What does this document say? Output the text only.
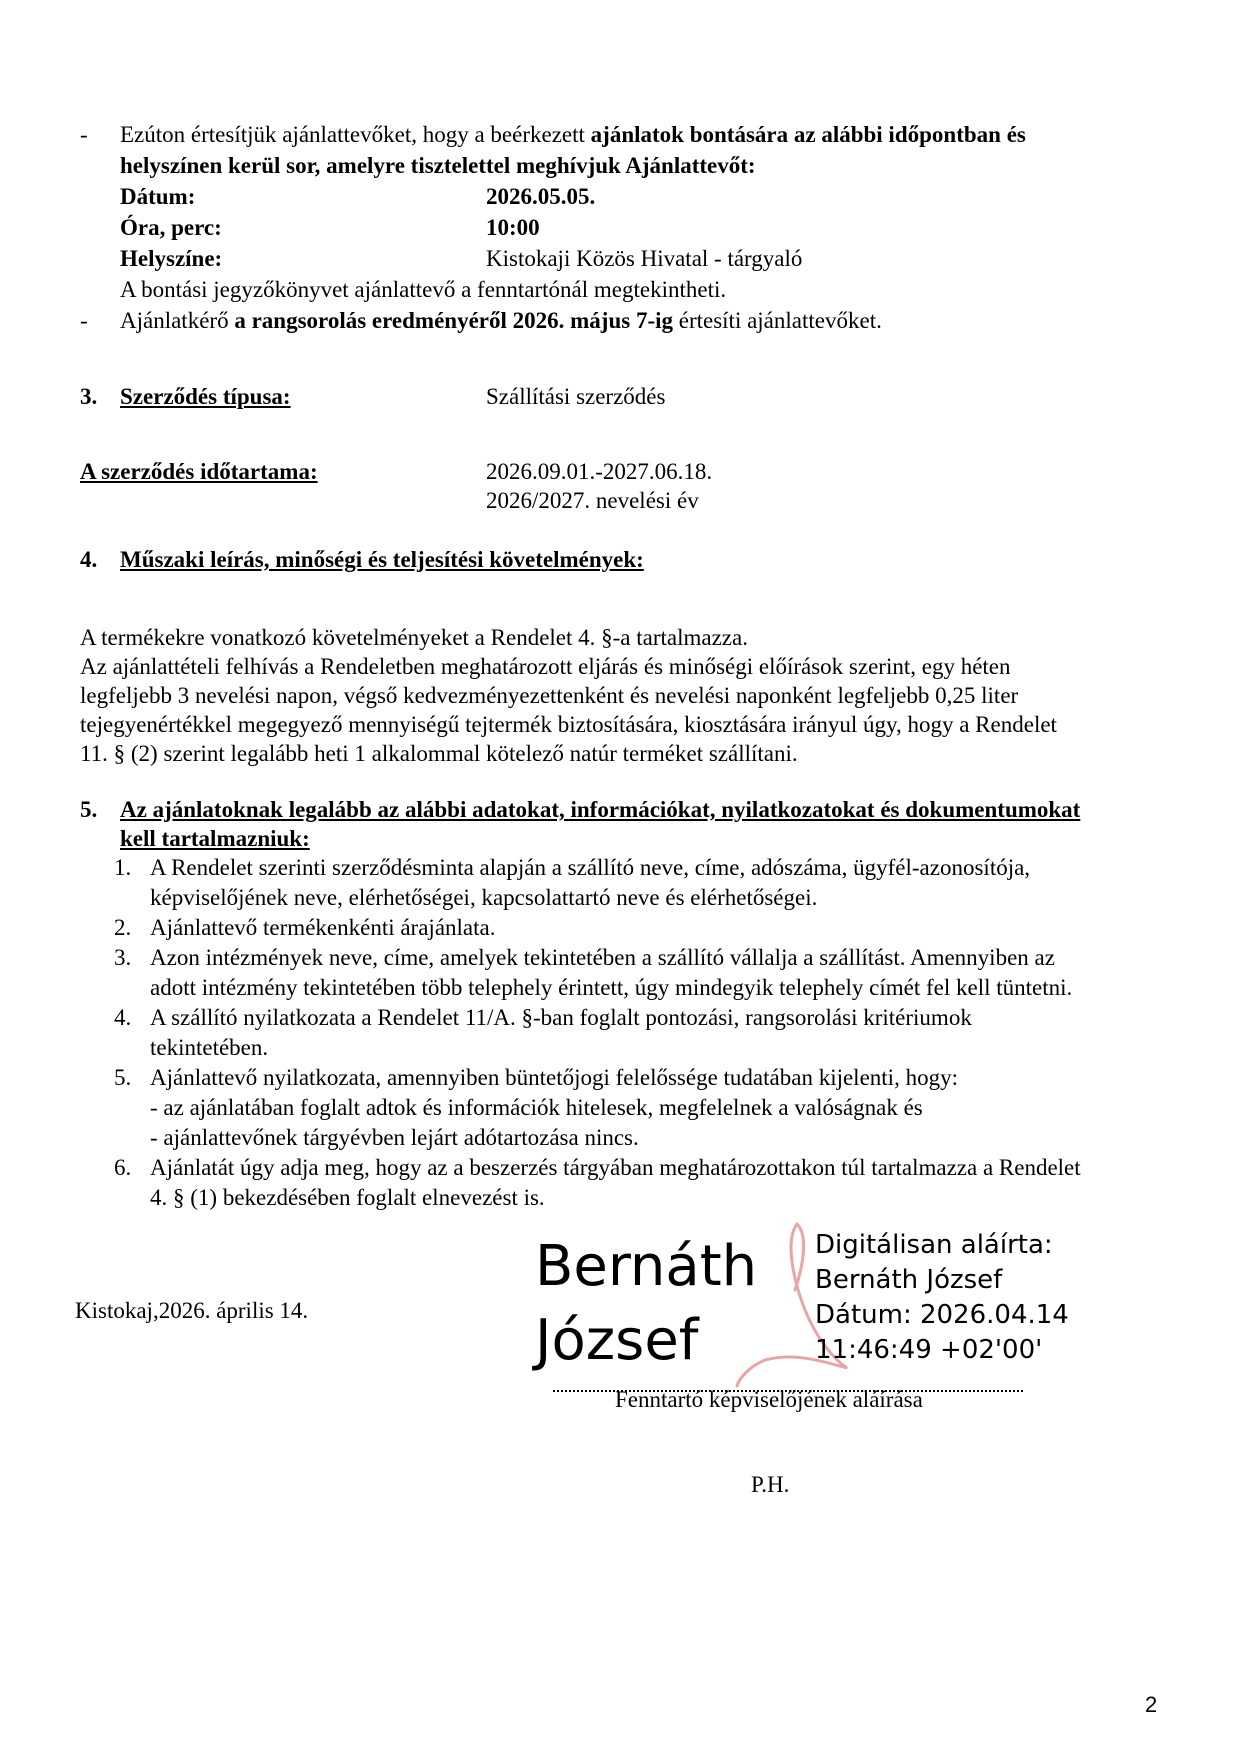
- Ezúton értesítjük ajánlattevőket, hogy a beérkezett ajánlatok bontására az alábbi időpontban és
helyszínen kerül sor, amelyre tisztelettel meghívjuk Ajánlattevőt:
Dátum:	2026.05.05.
Óra, perc:	10:00
Helyszíne:	Kistokaji Közös Hivatal - tárgyaló
A bontási jegyzőkönyvet ajánlattevő a fenntartónál megtekintheti.
- Ajánlatkérő a rangsorolás eredményéről 2026. május 7-ig értesíti ajánlattevőket.
3. Szerződés típusa:	Szállítási szerződés
A szerződés időtartama:	2026.09.01.-2027.06.18.
2026/2027. nevelési év
4. Műszaki leírás, minőségi és teljesítési követelmények:
A termékekre vonatkozó követelményeket a Rendelet 4. §-a tartalmazza.
Az ajánlattételi felhívás a Rendeletben meghatározott eljárás és minőségi előírások szerint, egy héten
legfeljebb 3 nevelési napon, végső kedvezményezettenként és nevelési naponként legfeljebb 0,25 liter
tejegyenértékkel megegyező mennyiségű tejtermék biztosítására, kiosztására irányul úgy, hogy a Rendelet
11. § (2) szerint legalább heti 1 alkalommal kötelező natúr terméket szállítani.
5. Az ajánlatoknak legalább az alábbi adatokat, információkat, nyilatkozatokat és dokumentumokat
kell tartalmazniuk:
1. A Rendelet szerinti szerződésminta alapján a szállító neve, címe, adószáma, ügyfél-azonosítója,
képviselőjének neve, elérhetőségei, kapcsolattartó neve és elérhetőségei.
2. Ajánlattevő termékenkénti árajánlata.
3. Azon intézmények neve, címe, amelyek tekintetében a szállító vállalja a szállítást. Amennyiben az
adott intézmény tekintetében több telephely érintett, úgy mindegyik telephely címét fel kell tüntetni.
4. A szállító nyilatkozata a Rendelet 11/A. §-ban foglalt pontozási, rangsorolási kritériumok
tekintetében.
5. Ajánlattevő nyilatkozata, amennyiben büntetőjogi felelőssége tudatában kijelenti, hogy:
- az ajánlatában foglalt adtok és információk hitelesek, megfelelnek a valóságnak és
- ajánlattevőnek tárgyévben lejárt adótartozása nincs.
6. Ajánlatát úgy adja meg, hogy az a beszerzés tárgyában meghatározottakon túl tartalmazza a Rendelet
4. § (1) bekezdésében foglalt elnevezést is.
Kistokaj,2026. április 14.
Bernáth
József
Digitálisan aláírta:
Bernáth József
Dátum: 2026.04.14
11:46:49 +02'00'
Fenntartó képviselőjének aláírása
P.H.
2
